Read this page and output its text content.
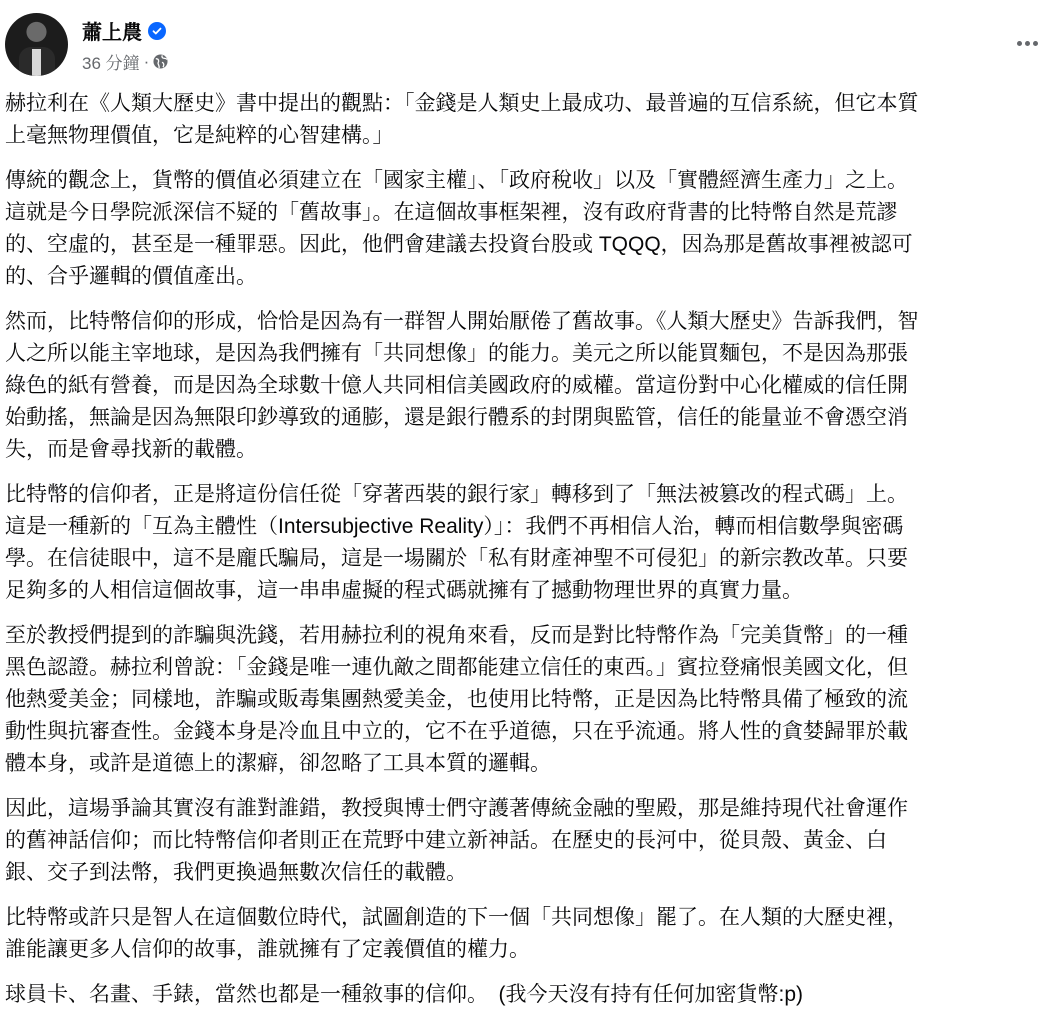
蕭上農
36 分鐘 ·
赫拉利在《人類大歷史》書中提出的觀點：「金錢是人類史上最成功、最普遍的互信系統，但它本質
上毫無物理價值，它是純粹的心智建構。」
傳統的觀念上，貨幣的價值必須建立在「國家主權」、「政府稅收」以及「實體經濟生產力」之上。
這就是今日學院派深信不疑的「舊故事」。在這個故事框架裡，沒有政府背書的比特幣自然是荒謬
的、空虛的，甚至是一種罪惡。因此，他們會建議去投資台股或 TQQQ，因為那是舊故事裡被認可
的、合乎邏輯的價值產出。
然而，比特幣信仰的形成，恰恰是因為有一群智人開始厭倦了舊故事。《人類大歷史》告訴我們，智
人之所以能主宰地球，是因為我們擁有「共同想像」的能力。美元之所以能買麵包，不是因為那張
綠色的紙有營養，而是因為全球數十億人共同相信美國政府的威權。當這份對中心化權威的信任開
始動搖，無論是因為無限印鈔導致的通膨，還是銀行體系的封閉與監管，信任的能量並不會憑空消
失，而是會尋找新的載體。
比特幣的信仰者，正是將這份信任從「穿著西裝的銀行家」轉移到了「無法被篡改的程式碼」上。
這是一種新的「互為主體性（Intersubjective Reality）」：我們不再相信人治，轉而相信數學與密碼
學。在信徒眼中，這不是龐氏騙局，這是一場關於「私有財產神聖不可侵犯」的新宗教改革。只要
足夠多的人相信這個故事，這一串串虛擬的程式碼就擁有了撼動物理世界的真實力量。
至於教授們提到的詐騙與洗錢，若用赫拉利的視角來看，反而是對比特幣作為「完美貨幣」的一種
黑色認證。赫拉利曾說：「金錢是唯一連仇敵之間都能建立信任的東西。」賓拉登痛恨美國文化，但
他熱愛美金；同樣地，詐騙或販毒集團熱愛美金，也使用比特幣，正是因為比特幣具備了極致的流
動性與抗審查性。金錢本身是冷血且中立的，它不在乎道德，只在乎流通。將人性的貪婪歸罪於載
體本身，或許是道德上的潔癖，卻忽略了工具本質的邏輯。
因此，這場爭論其實沒有誰對誰錯，教授與博士們守護著傳統金融的聖殿，那是維持現代社會運作
的舊神話信仰；而比特幣信仰者則正在荒野中建立新神話。在歷史的長河中，從貝殼、黃金、白
銀、交子到法幣，我們更換過無數次信任的載體。
比特幣或許只是智人在這個數位時代，試圖創造的下一個「共同想像」罷了。在人類的大歷史裡，
誰能讓更多人信仰的故事，誰就擁有了定義價值的權力。
球員卡、名畫、手錶，當然也都是一種敘事的信仰。　(我今天沒有持有任何加密貨幣:p)
